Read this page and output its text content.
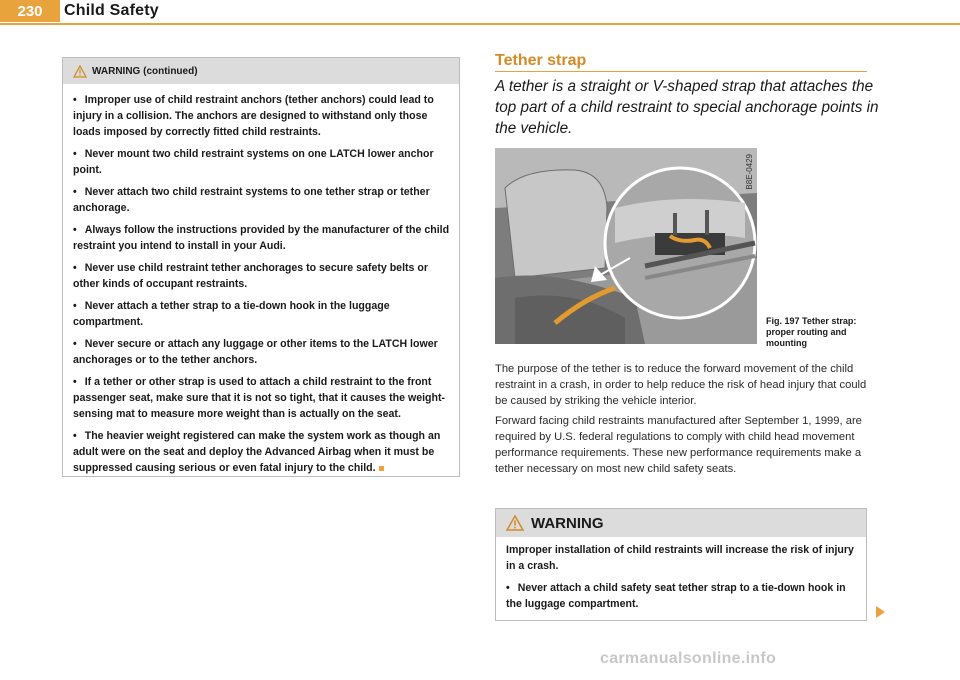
230	Child Safety
WARNING (continued)

• Improper use of child restraint anchors (tether anchors) could lead to injury in a collision. The anchors are designed to withstand only those loads imposed by correctly fitted child restraints.

• Never mount two child restraint systems on one LATCH lower anchor point.

• Never attach two child restraint systems to one tether strap or tether anchorage.

• Always follow the instructions provided by the manufacturer of the child restraint you intend to install in your Audi.

• Never use child restraint tether anchorages to secure safety belts or other kinds of occupant restraints.

• Never attach a tether strap to a tie-down hook in the luggage compartment.

• Never secure or attach any luggage or other items to the LATCH lower anchorages or to the tether anchors.

• If a tether or other strap is used to attach a child restraint to the front passenger seat, make sure that it is not so tight, that it causes the weight-sensing mat to measure more weight than is actually on the seat.

• The heavier weight registered can make the system work as though an adult were on the seat and deploy the Advanced Airbag when it must be suppressed causing serious or even fatal injury to the child.

Tether strap
A tether is a straight or V-shaped strap that attaches the top part of a child restraint to special anchorage points in the vehicle.
B8E-0429
Fig. 197 Tether strap: proper routing and mounting
The purpose of the tether is to reduce the forward movement of the child restraint in a crash, in order to help reduce the risk of head injury that could be caused by striking the vehicle interior.
Forward facing child restraints manufactured after September 1, 1999, are required by U.S. federal regulations to comply with child head movement performance requirements. These new performance requirements make a tether necessary on most new child safety seats.
WARNING

Improper installation of child restraints will increase the risk of injury in a crash.

• Never attach a child safety seat tether strap to a tie-down hook in the luggage compartment.

carmanualsonline.info
